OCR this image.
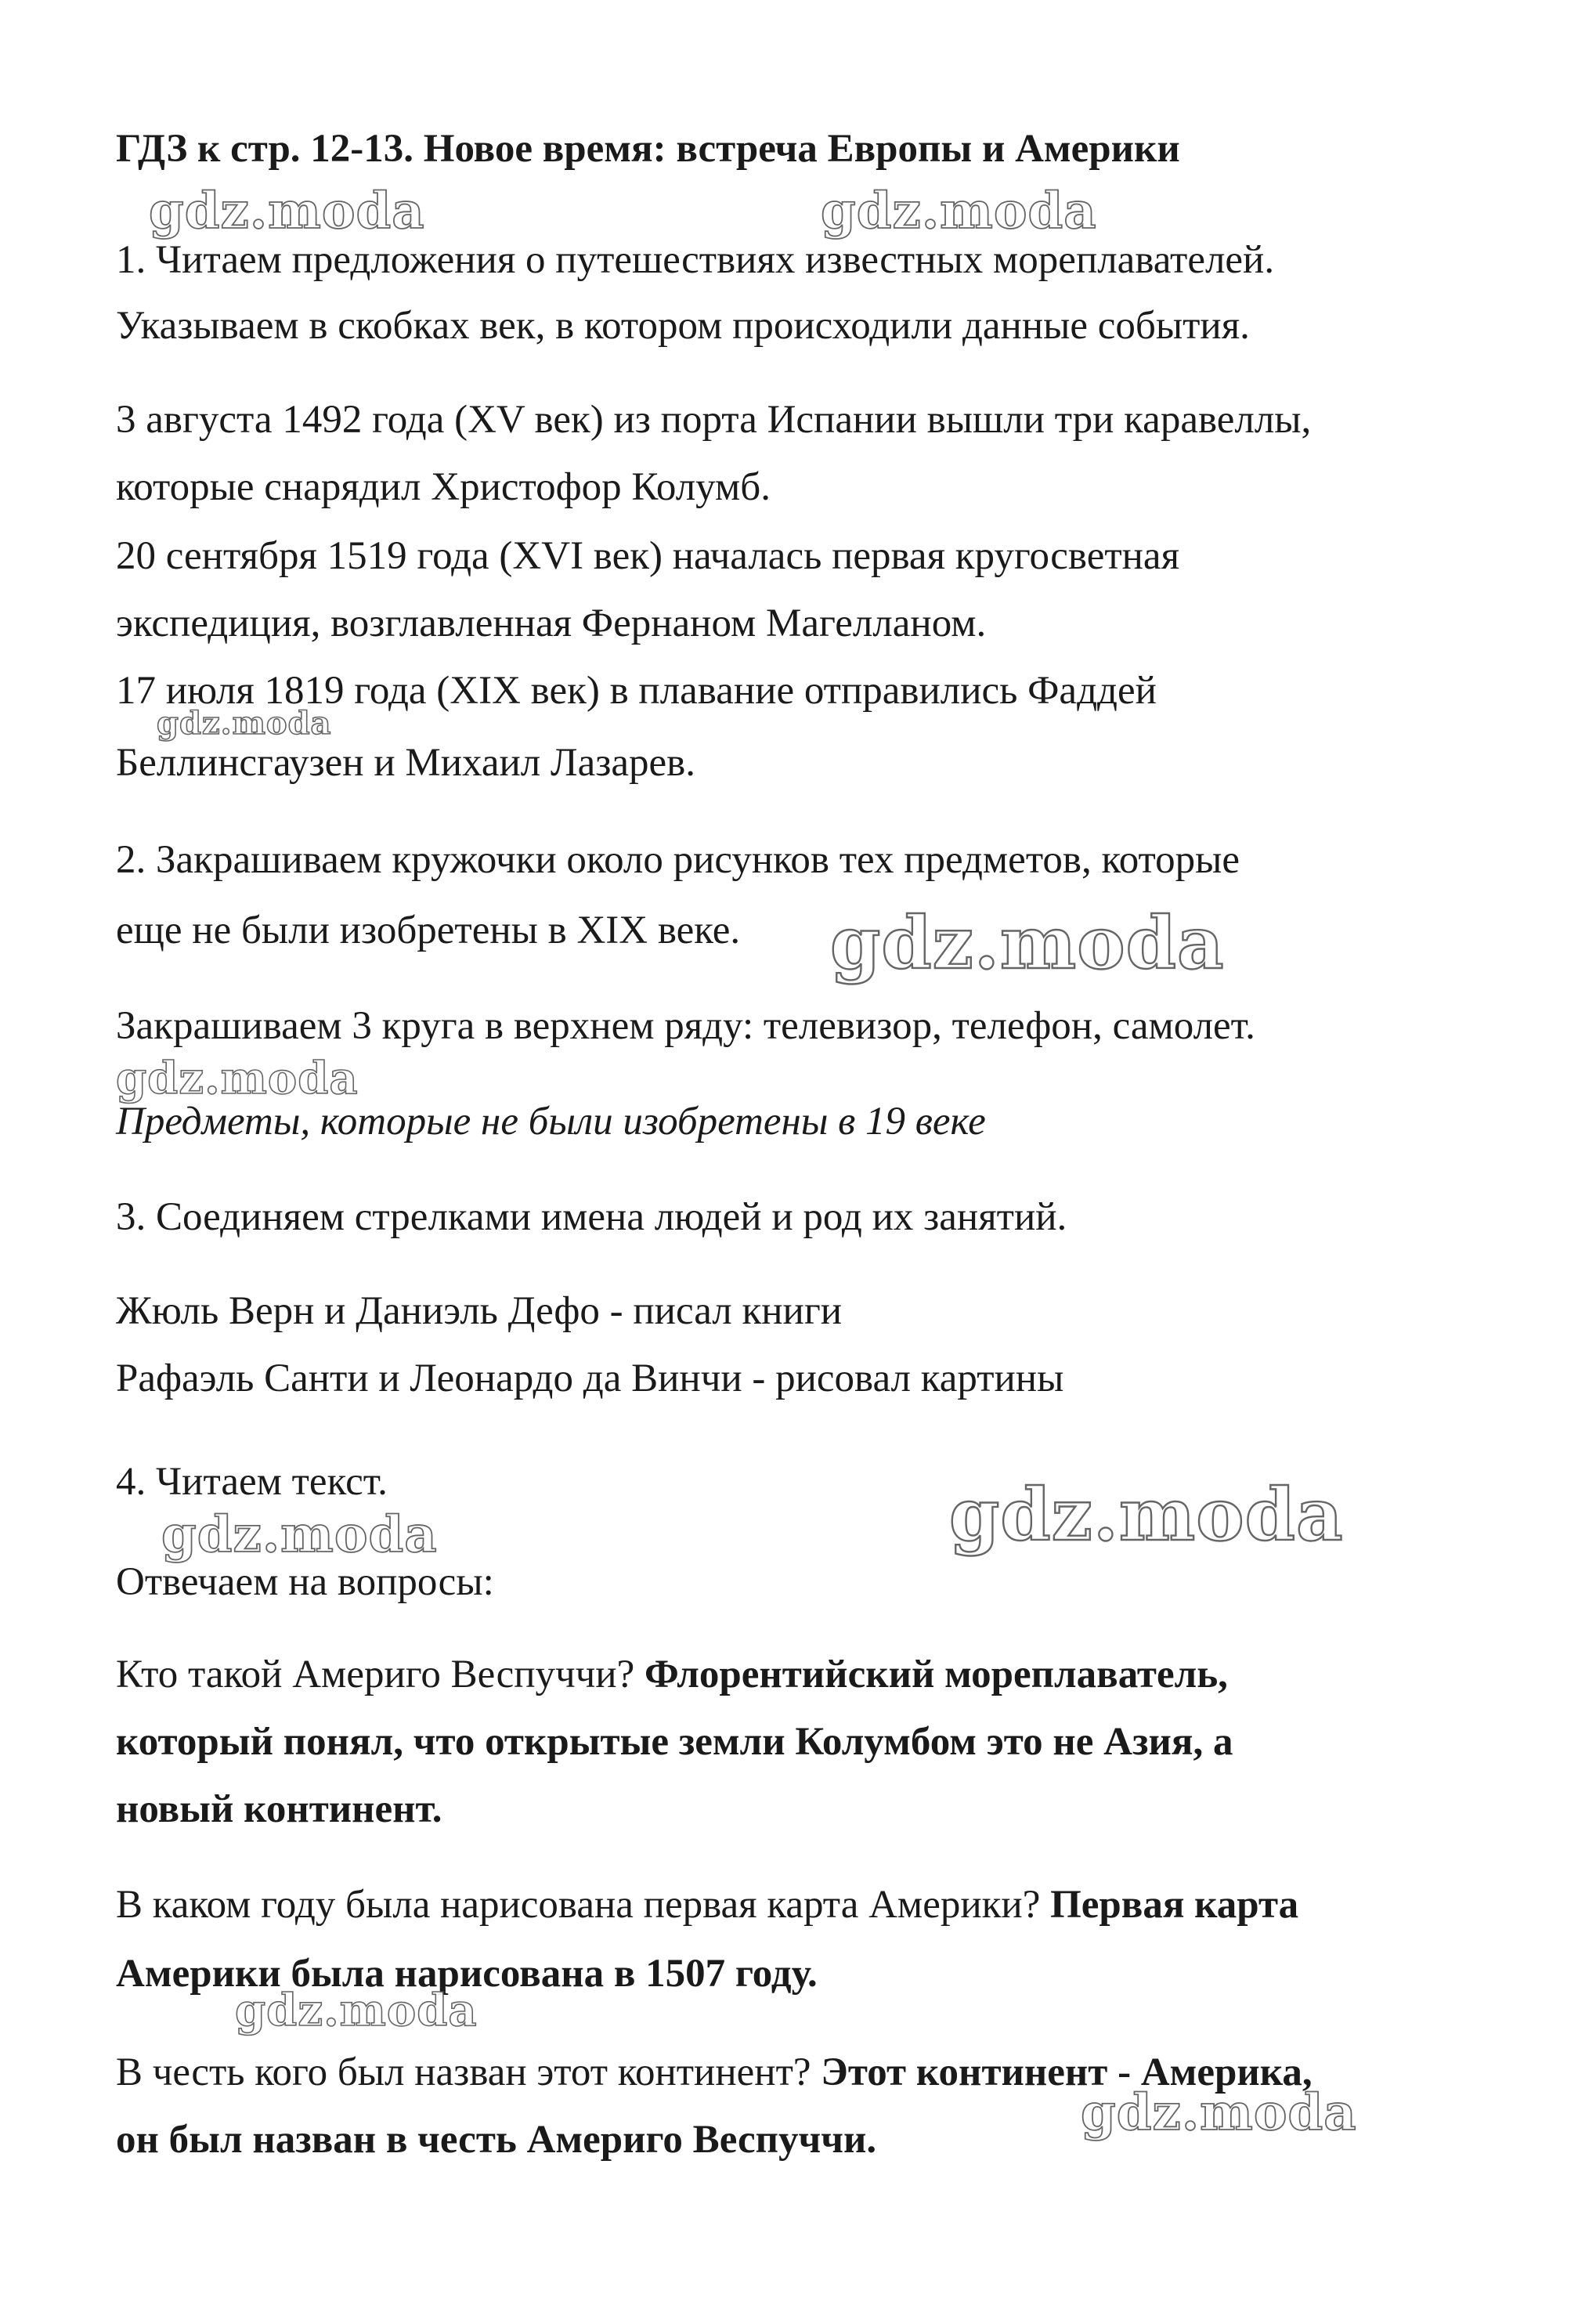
ГДЗ к стр. 12-13. Новое время: встреча Европы и Америки
1. Читаем предложения о путешествиях известных мореплавателей.
Указываем в скобках век, в котором происходили данные события.
3 августа 1492 года (XV век) из порта Испании вышли три каравеллы,
которые снарядил Христофор Колумб.
20 сентября 1519 года (XVI век) началась первая кругосветная
экспедиция, возглавленная Фернаном Магелланом.
17 июля 1819 года (XIX век) в плавание отправились Фаддей
Беллинсгаузен и Михаил Лазарев.
2. Закрашиваем кружочки около рисунков тех предметов, которые
еще не были изобретены в XIX веке.
Закрашиваем 3 круга в верхнем ряду: телевизор, телефон, самолет.
Предметы, которые не были изобретены в 19 веке
3. Соединяем стрелками имена людей и род их занятий.
Жюль Верн и Даниэль Дефо - писал книги
Рафаэль Санти и Леонардо да Винчи - рисовал картины
4. Читаем текст.
Отвечаем на вопросы:
Кто такой Америго Веспуччи? Флорентийский мореплаватель,
который понял, что открытые земли Колумбом это не Азия, а
новый континент.
В каком году была нарисована первая карта Америки? Первая карта
Америки была нарисована в 1507 году.
В честь кого был назван этот континент? Этот континент - Америка,
он был назван в честь Америго Веспуччи.
gdz.moda	gdz.moda
gdz.moda
gdz.moda
gdz.moda
gdz.moda
gdz.moda
gdz.moda
gdz.moda
